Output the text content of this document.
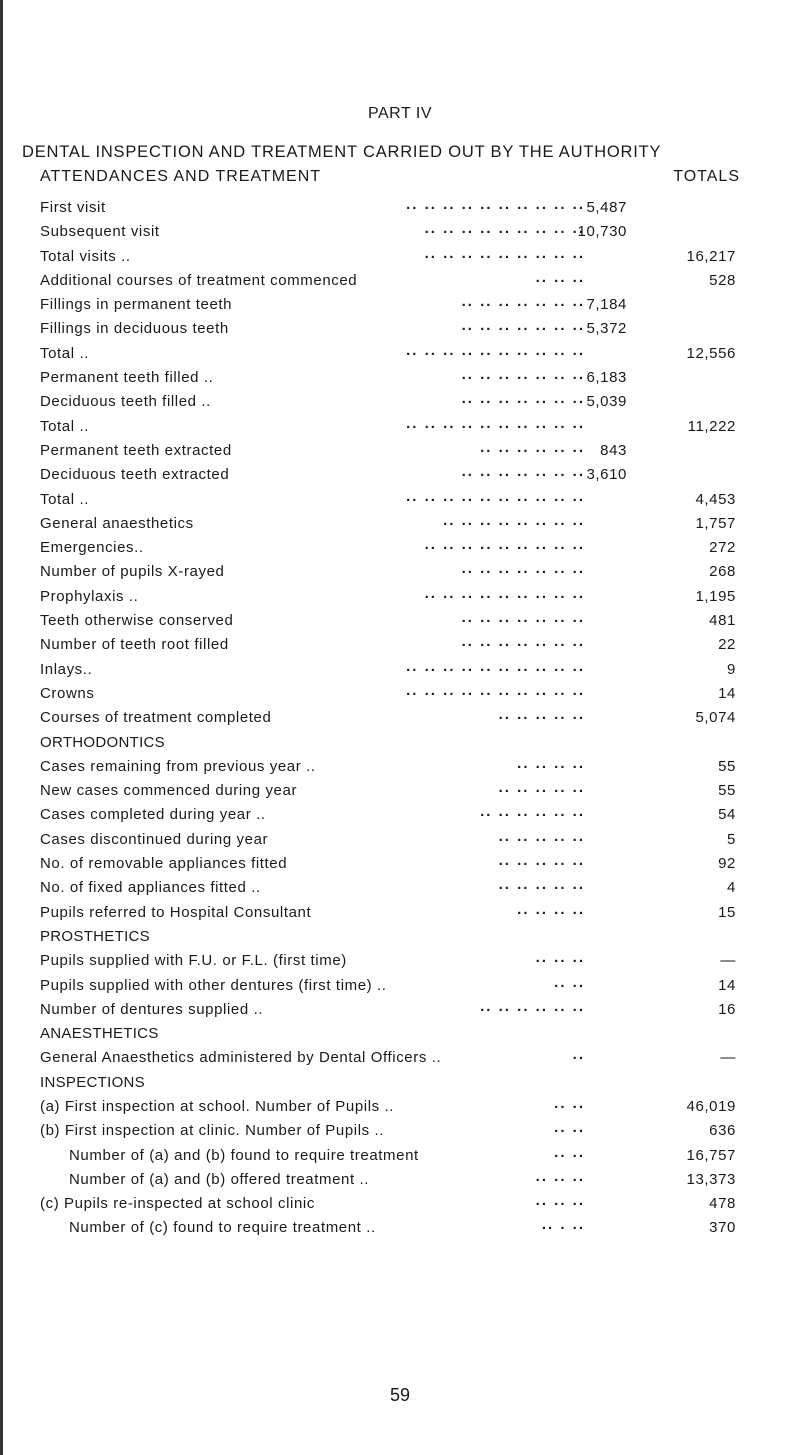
PART IV
DENTAL INSPECTION AND TREATMENT CARRIED OUT BY THE AUTHORITY
ATTENDANCES AND TREATMENT	TOTALS
.. .. .. .. .. .. .. .. .. ..
First visit	5,487
.. .. .. .. .. .. .. .. ..
Subsequent visit	10,730
.. .. .. .. .. .. .. .. ..
Total visits ..	16,217
.. .. ..
Additional courses of treatment commenced	528
.. .. .. .. .. .. ..
Fillings in permanent teeth	7,184
.. .. .. .. .. .. ..
Fillings in deciduous teeth	5,372
.. .. .. .. .. .. .. .. .. ..
Total ..	12,556
.. .. .. .. .. .. ..
Permanent teeth filled ..	6,183
.. .. .. .. .. .. ..
Deciduous teeth filled ..	5,039
.. .. .. .. .. .. .. .. .. ..
Total ..	11,222
.. .. .. .. .. ..
Permanent teeth extracted	843
.. .. .. .. .. .. ..
Deciduous teeth extracted	3,610
.. .. .. .. .. .. .. .. .. ..
Total ..	4,453
.. .. .. .. .. .. .. ..
General anaesthetics	1,757
.. .. .. .. .. .. .. .. ..
Emergencies..	272
.. .. .. .. .. .. ..
Number of pupils X-rayed	268
.. .. .. .. .. .. .. .. ..
Prophylaxis ..	1,195
.. .. .. .. .. .. ..
Teeth otherwise conserved	481
.. .. .. .. .. .. ..
Number of teeth root filled	22
.. .. .. .. .. .. .. .. .. ..
Inlays..	9
.. .. .. .. .. .. .. .. .. ..
Crowns	14
.. .. .. .. ..
Courses of treatment completed	5,074
ORTHODONTICS
.. .. .. ..
Cases remaining from previous year ..	55
.. .. .. .. ..
New cases commenced during year	55
.. .. .. .. .. ..
Cases completed during year ..	54
.. .. .. .. ..
Cases discontinued during year	5
.. .. .. .. ..
No. of removable appliances fitted	92
.. .. .. .. ..
No. of fixed appliances fitted ..	4
.. .. .. ..
Pupils referred to Hospital Consultant	15
PROSTHETICS
.. .. ..
Pupils supplied with F.U. or F.L. (first time)	—
.. ..
Pupils supplied with other dentures (first time) ..	14
.. .. .. .. .. ..
Number of dentures supplied ..	16
ANAESTHETICS
..
General Anaesthetics administered by Dental Officers ..	—
INSPECTIONS
.. ..
(a) First inspection at school. Number of Pupils ..	46,019
.. ..
(b) First inspection at clinic. Number of Pupils ..	636
.. ..
Number of (a) and (b) found to require treatment	16,757
.. .. ..
Number of (a) and (b) offered treatment ..	13,373
.. .. ..
(c) Pupils re-inspected at school clinic	478
.. . ..
Number of (c) found to require treatment ..	370
59
